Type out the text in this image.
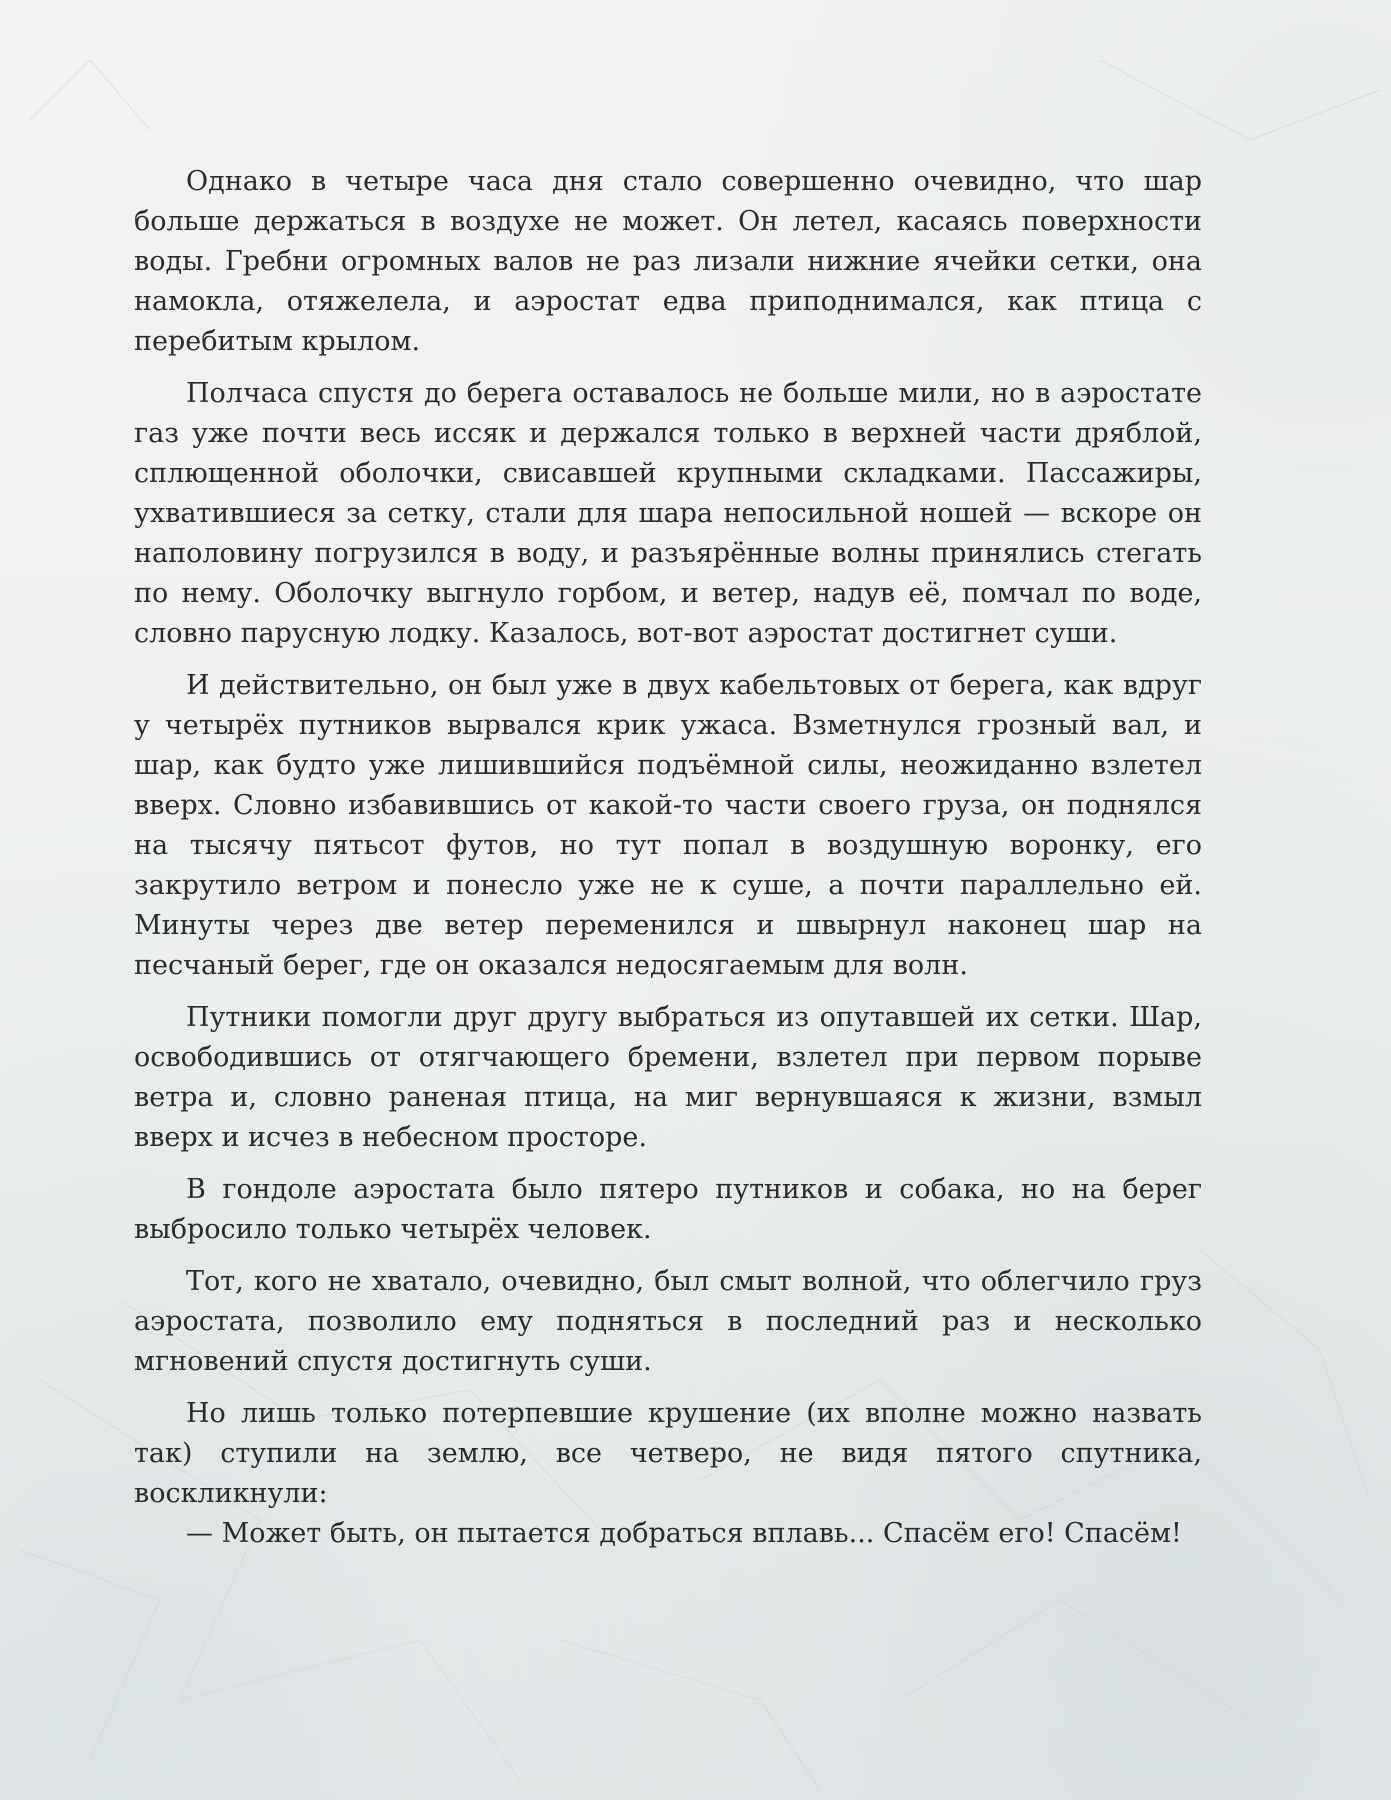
Однако в четыре часа дня стало совершенно очевидно, что шар больше держаться в воздухе не может. Он летел, касаясь поверхности воды. Гребни огромных валов не раз лизали нижние ячейки сетки, она намокла, отяжелела, и аэростат едва приподнимался, как птица с перебитым крылом.

Полчаса спустя до берега оставалось не больше мили, но в аэростате газ уже почти весь иссяк и держался только в верхней части дряблой, сплющенной оболочки, свисавшей крупными складками. Пассажиры, ухватившиеся за сетку, стали для шара непосильной ношей — вскоре он наполовину погрузился в воду, и разъярённые волны принялись стегать по нему. Оболочку выгнуло горбом, и ветер, надув её, помчал по воде, словно парусную лодку. Казалось, вот-вот аэростат достигнет суши.

И действительно, он был уже в двух кабельтовых от берега, как вдруг у четырёх путников вырвался крик ужаса. Взметнулся грозный вал, и шар, как будто уже лишившийся подъёмной силы, неожиданно взлетел вверх. Словно избавившись от какой-то части своего груза, он поднялся на тысячу пятьсот футов, но тут попал в воздушную воронку, его закрутило ветром и понесло уже не к суше, а почти параллельно ей. Минуты через две ветер переменился и швырнул наконец шар на песчаный берег, где он оказался недосягаемым для волн.

Путники помогли друг другу выбраться из опутавшей их сетки. Шар, освободившись от отягчающего бремени, взлетел при первом порыве ветра и, словно раненая птица, на миг вернувшаяся к жизни, взмыл вверх и исчез в небесном просторе.

В гондоле аэростата было пятеро путников и собака, но на берег выбросило только четырёх человек.

Тот, кого не хватало, очевидно, был смыт волной, что облегчило груз аэростата, позволило ему подняться в последний раз и несколько мгновений спустя достигнуть суши.

Но лишь только потерпевшие крушение (их вполне можно назвать так) ступили на землю, все четверо, не видя пятого спутника, воскликнули:

— Может быть, он пытается добраться вплавь... Спасём его! Спасём!
